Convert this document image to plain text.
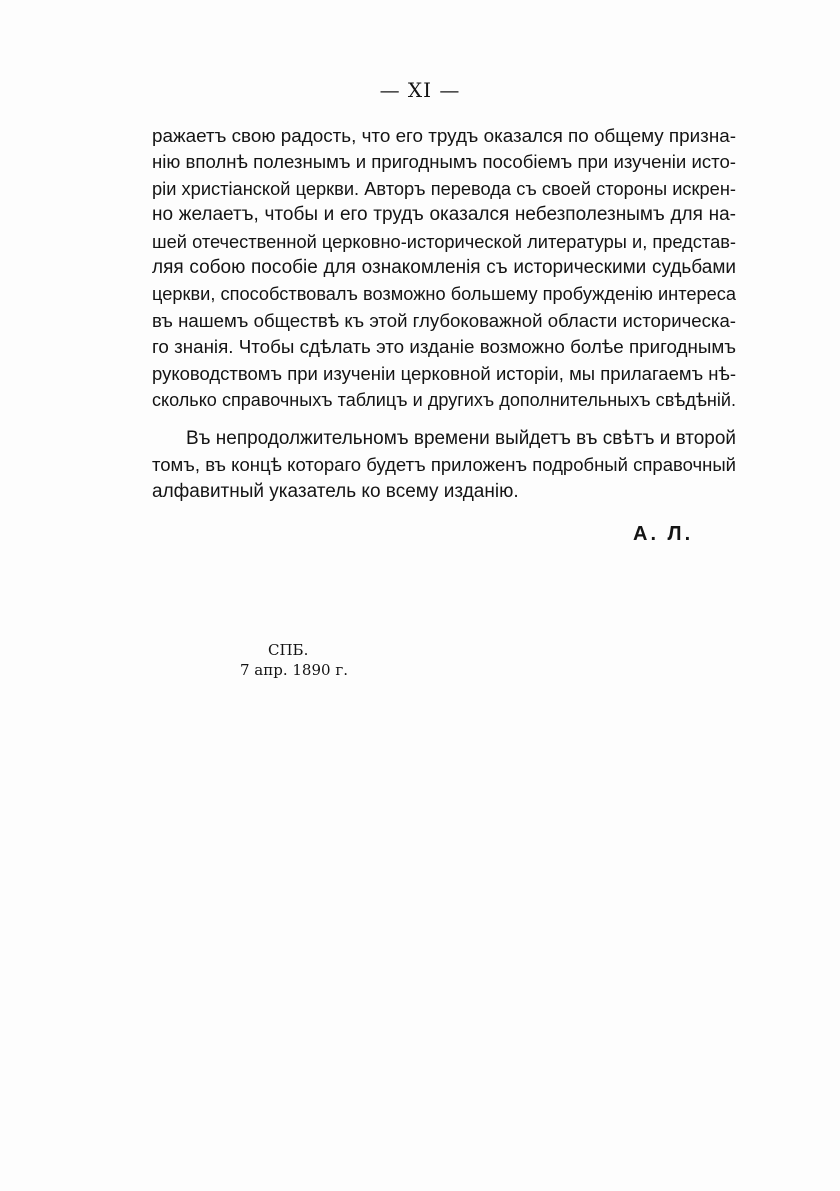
— XI —
ражаетъ свою радость, что его трудъ оказался по общему призна-
нію вполнѣ полезнымъ и пригоднымъ пособіемъ при изученіи исто-
ріи христіанской церкви. Авторъ перевода съ своей стороны искрен-
но желаетъ, чтобы и его трудъ оказался небезполезнымъ для на-
шей отечественной церковно-исторической литературы и, представ-
ляя собою пособіе для ознакомленія съ историческими судьбами
церкви, способствовалъ возможно большему пробужденію интереса
въ нашемъ обществѣ къ этой глубоковажной области историческа-
го знанія. Чтобы сдѣлать это изданіе возможно болѣе пригоднымъ
руководствомъ при изученіи церковной исторіи, мы прилагаемъ нѣ-
сколько справочныхъ таблицъ и другихъ дополнительныхъ свѣдѣній.
Въ непродолжительномъ времени выйдетъ въ свѣтъ и второй
томъ, въ концѣ котораго будетъ приложенъ подробный справочный
алфавитный указатель ко всему изданію.
А. Л.
СПБ.
7 апр. 1890 г.
